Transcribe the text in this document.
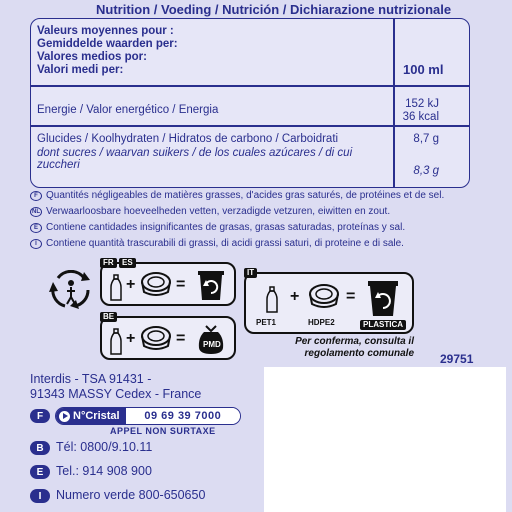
Nutrition / Voeding / Nutrición / Dichiarazione nutrizionale
Valeurs moyennes pour :
Gemiddelde waarden per:
Valores medios por:
Valori medi per:	100 ml
Energie / Valor energético / Energia	152 kJ
36 kcal
Glucides / Koolhydraten / Hidratos de carbono / Carboidrati	8,7 g
dont sucres / waarvan suikers / de los cuales azúcares / di cui
zuccheri	8,3 g
F Quantités négligeables de matières grasses, d'acides gras saturés, de protéines et de sel.
NL Verwaarloosbare hoeveelheden vetten, verzadigde vetzuren, eiwitten en zout.
E Contiene cantidades insignificantes de grasas, grasas saturadas, proteínas y sal.
I Contiene quantità trascurabili di grassi, di acidi grassi saturi, di proteine e di sale.
FR	ES
+	=
BE
+	= PMD
IT
PET1
+
HDPE2
=
PLASTICA
Per conferma, consulta il
regolamento comunale 29751
Interdis - TSA 91431 -
91343 MASSY Cedex - France
F	N°Cristal	09 69 39 7000
APPEL NON SURTAXE
B Tél: 0800/9.10.11
E	Tel.: 914 908 900
I	Numero verde 800-650650
